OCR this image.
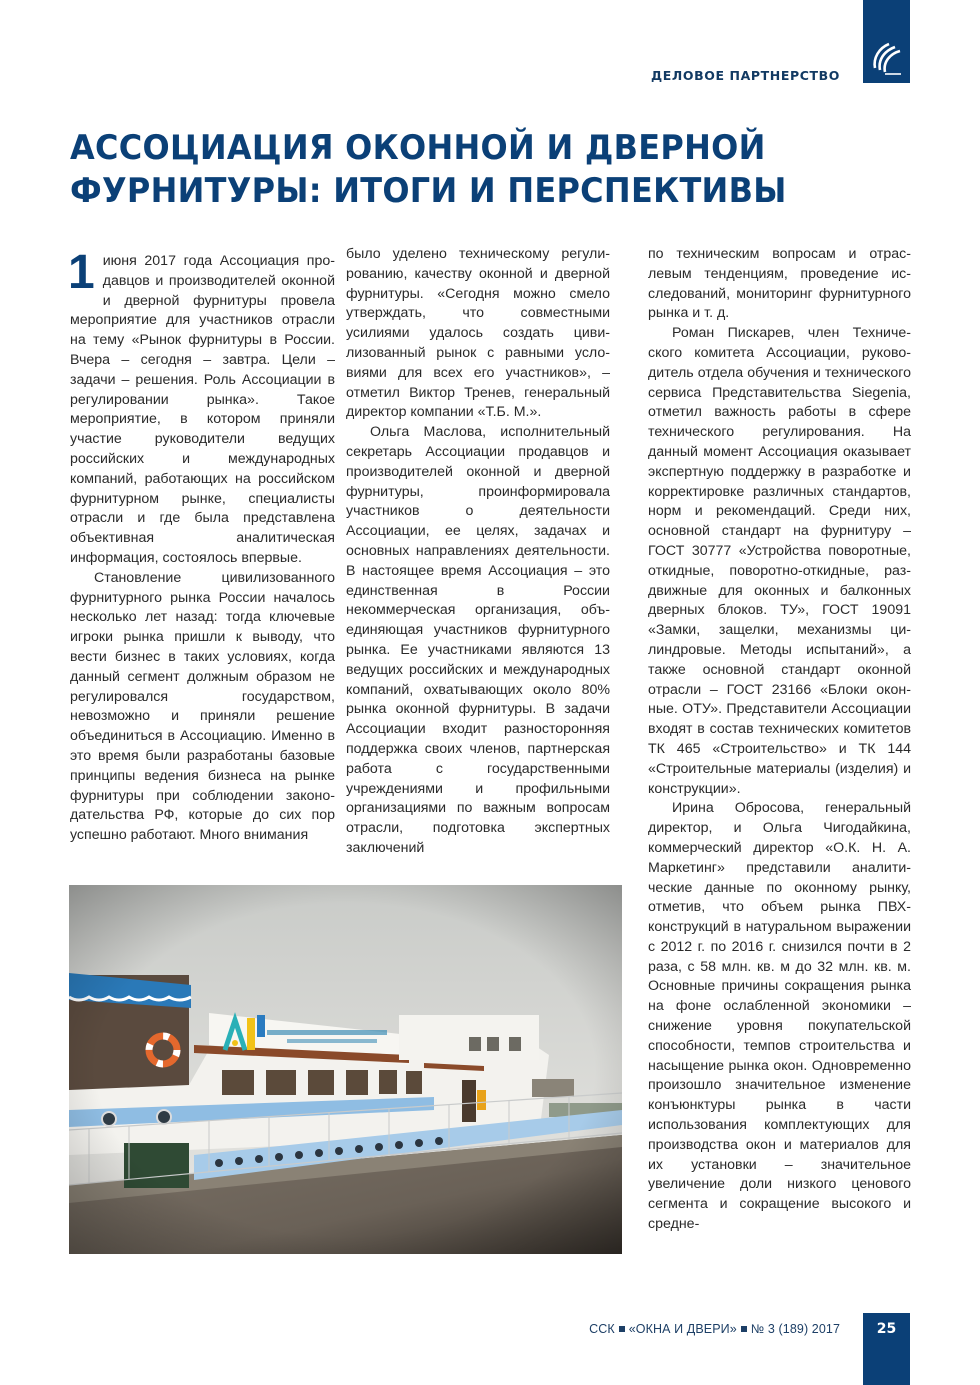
ДЕЛОВОЕ ПАРТНЕРСТВО
АССОЦИАЦИЯ ОКОННОЙ И ДВЕРНОЙ
ФУРНИТУРЫ: ИТОГИ И ПЕРСПЕКТИВЫ

1 июня 2017 года Ассоциация продавцов и производителей оконной и дверной фурнитуры провела мероприятие для участников отрасли на тему «Рынок фурнитуры в России. Вчера – сегодня – завтра. Цели – задачи – решения. Роль Ассоциации в регулировании рынка». Такое мероприятие, в котором приняли участие руководители ведущих российских и международных компаний, работающих на российском фурнитурном рынке, специалисты отрасли и где была представлена объективная аналитическая информация, состоялось впервые.

Становление цивилизованного фурнитурного рынка России началось несколько лет назад: тогда ключевые игроки рынка пришли к выводу, что вести бизнес в таких условиях, когда данный сегмент должным образом не регулировался государством, невозможно и приняли решение объединиться в Ассоциацию. Именно в это время были разработаны базовые принципы ведения бизнеса на рынке фурнитуры при соблюдении законодательства РФ, которые до сих пор успешно работают. Много внимания

было уделено техническому регулированию, качеству оконной и дверной фурнитуры. «Сегодня можно смело утверждать, что совместными усилиями удалось создать цивилизованный рынок с равными условиями для всех его участников», – отметил Виктор Тренев, генеральный директор компании «Т.Б. М.».

Ольга Маслова, исполнительный секретарь Ассоциации продавцов и производителей оконной и дверной фурнитуры, проинформировала участников о деятельности Ассоциации, ее целях, задачах и основных направлениях деятельности. В настоящее время Ассоциация – это единственная в России некоммерческая организация, объединяющая участников фурнитурного рынка. Ее участниками являются 13 ведущих российских и международных компаний, охватывающих около 80% рынка оконной фурнитуры. В задачи Ассоциации входит разносторонняя поддержка своих членов, партнерская работа с государственными учреждениями и профильными организациями по важным вопросам отрасли, подготовка экспертных заключений

по техническим вопросам и отраслевым тенденциям, проведение исследований, мониторинг фурнитурного рынка и т. д.

Роман Пискарев, член Технического комитета Ассоциации, руководитель отдела обучения и технического сервиса Представительства Siegenia, отметил важность работы в сфере технического регулирования. На данный момент Ассоциация оказывает экспертную поддержку в разработке и корректировке различных стандартов, норм и рекомендаций. Среди них, основной стандарт на фурнитуру – ГОСТ 30777 «Устройства поворотные, откидные, поворотно-откидные, раздвижные для оконных и балконных дверных блоков. ТУ», ГОСТ 19091 «Замки, защелки, механизмы цилиндровые. Методы испытаний», а также основной стандарт оконной отрасли – ГОСТ 23166 «Блоки оконные. ОТУ». Представители Ассоциации входят в состав технических комитетов ТК 465 «Строительство» и ТК 144 «Строительные материалы (изделия) и конструкции».

Ирина Обросова, генеральный директор, и Ольга Чигодайкина, коммерческий директор «О.К. Н. А. Маркетинг» представили аналитические данные по оконному рынку, отметив, что объем рынка ПВХ-конструкций в натуральном выражении с 2012 г. по 2016 г. снизился почти в 2 раза, с 58 млн. кв. м до 32 млн. кв. м. Основные причины сокращения рынка на фоне ослабленной экономики – снижение уровня покупательской способности, темпов строительства и насыщение рынка окон. Одновременно произошло значительное изменение конъюнктуры рынка в части использования комплектующих для производства окон и материалов для их установки – значительное увеличение доли низкого ценового сегмента и сокращение высокого и средне-

ССК «ОКНА И ДВЕРИ» № 3 (189) 2017	25
